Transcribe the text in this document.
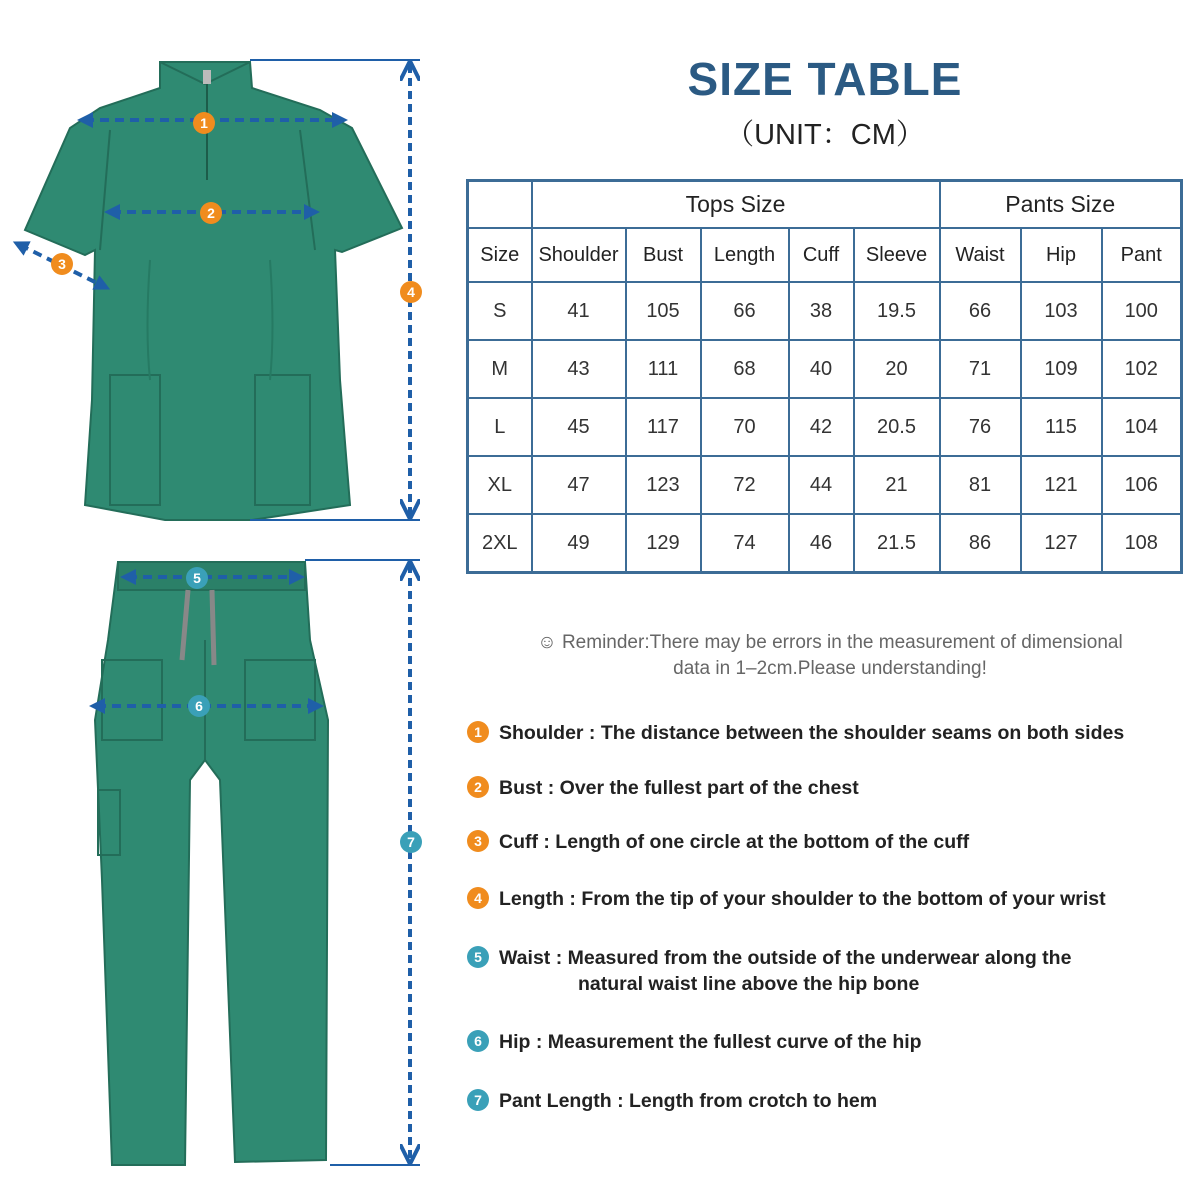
1
2
3
4
5
6
7
SIZE TABLE
（UNIT：CM）
	Tops Size					Pants Size		
Size	Shoulder	Bust	Length	Cuff	Sleeve	Waist	Hip	Pant
S	41	105	66	38	19.5	66	103	100
M	43	111	68	40	20	71	109	102
L	45	117	70	42	20.5	76	115	104
XL	47	123	72	44	21	81	121	106
2XL	49	129	74	46	21.5	86	127	108
☺ Reminder:There may be errors in the measurement of dimensional
data in 1–2cm.Please understanding!
1 Shoulder : The distance between the shoulder seams on both sides
2 Bust : Over the fullest part of the chest
3 Cuff : Length of one circle at the bottom of the cuff
4 Length : From the tip of your shoulder to the bottom of your wrist
5 Waist : Measured from the outside of the underwear along the
natural waist line above the hip bone
6 Hip : Measurement the fullest curve of the hip
7 Pant Length : Length from crotch to hem
